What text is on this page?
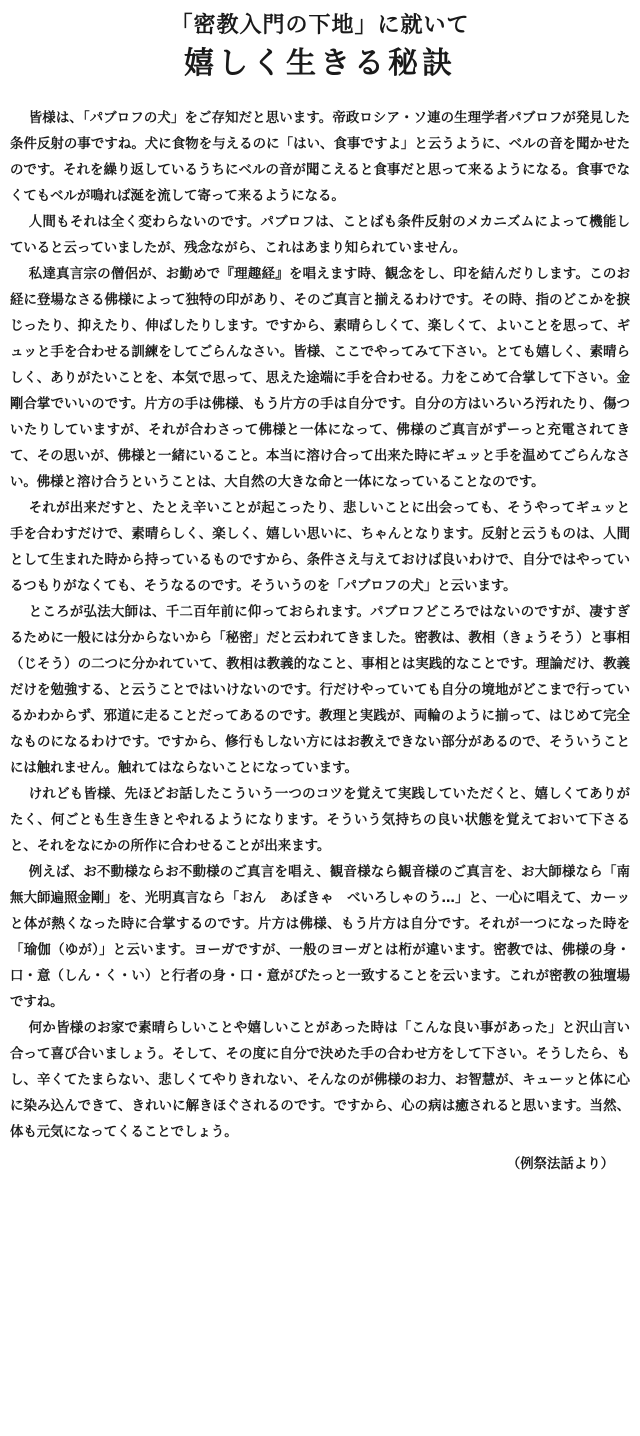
「密教入門の下地」に就いて

嬉しく生きる秘訣

皆様は、「パブロフの犬」をご存知だと思います。帝政ロシア・ソ連の生理学者パブロフが発見した条件反射の事ですね。犬に食物を与えるのに「はい、食事ですよ」と云うように、ベルの音を聞かせたのです。それを繰り返しているうちにベルの音が聞こえると食事だと思って来るようになる。食事でなくてもベルが鳴れば涎を流して寄って来るようになる。

人間もそれは全く変わらないのです。パブロフは、ことばも条件反射のメカニズムによって機能していると云っていましたが、残念ながら、これはあまり知られていません。

私達真言宗の僧侶が、お勤めで『理趣経』を唱えます時、観念をし、印を結んだりします。このお経に登場なさる佛様によって独特の印があり、そのご真言と揃えるわけです。その時、指のどこかを捩じったり、抑えたり、伸ばしたりします。ですから、素晴らしくて、楽しくて、よいことを思って、ギュッと手を合わせる訓練をしてごらんなさい。皆様、ここでやってみて下さい。とても嬉しく、素晴らしく、ありがたいことを、本気で思って、思えた途端に手を合わせる。力をこめて合掌して下さい。金剛合掌でいいのです。片方の手は佛様、もう片方の手は自分です。自分の方はいろいろ汚れたり、傷ついたりしていますが、それが合わさって佛様と一体になって、佛様のご真言がずーっと充電されてきて、その思いが、佛様と一緒にいること。本当に溶け合って出来た時にギュッと手を温めてごらんなさい。佛様と溶け合うということは、大自然の大きな命と一体になっていることなのです。

それが出来だすと、たとえ辛いことが起こったり、悲しいことに出会っても、そうやってギュッと手を合わすだけで、素晴らしく、楽しく、嬉しい思いに、ちゃんとなります。反射と云うものは、人間として生まれた時から持っているものですから、条件さえ与えておけば良いわけで、自分ではやっているつもりがなくても、そうなるのです。そういうのを「パブロフの犬」と云います。

ところが弘法大師は、千二百年前に仰っておられます。パブロフどころではないのですが、凄すぎるために一般には分からないから「秘密」だと云われてきました。密教は、教相（きょうそう）と事相（じそう）の二つに分かれていて、教相は教義的なこと、事相とは実践的なことです。理論だけ、教義だけを勉強する、と云うことではいけないのです。行だけやっていても自分の境地がどこまで行っているかわからず、邪道に走ることだってあるのです。教理と実践が、両輪のように揃って、はじめて完全なものになるわけです。ですから、修行もしない方にはお教えできない部分があるので、そういうことには触れません。触れてはならないことになっています。

けれども皆様、先ほどお話したこういう一つのコツを覚えて実践していただくと、嬉しくてありがたく、何ごとも生き生きとやれるようになります。そういう気持ちの良い状態を覚えておいて下さると、それをなにかの所作に合わせることが出来ます。

例えば、お不動様ならお不動様のご真言を唱え、観音様なら観音様のご真言を、お大師様なら「南無大師遍照金剛」を、光明真言なら「おん　あぼきゃ　べいろしゃのう…」と、一心に唱えて、カーッと体が熱くなった時に合掌するのです。片方は佛様、もう片方は自分です。それが一つになった時を「瑜伽（ゆが）」と云います。ヨーガですが、一般のヨーガとは桁が違います。密教では、佛様の身・口・意（しん・く・い）と行者の身・口・意がぴたっと一致することを云います。これが密教の独壇場ですね。

何か皆様のお家で素晴らしいことや嬉しいことがあった時は「こんな良い事があった」と沢山言い合って喜び合いましょう。そして、その度に自分で決めた手の合わせ方をして下さい。そうしたら、もし、辛くてたまらない、悲しくてやりきれない、そんなのが佛様のお力、お智慧が、キューッと体に心に染み込んできて、きれいに解きほぐされるのです。ですから、心の病は癒されると思います。当然、体も元気になってくることでしょう。

（例祭法話より）
